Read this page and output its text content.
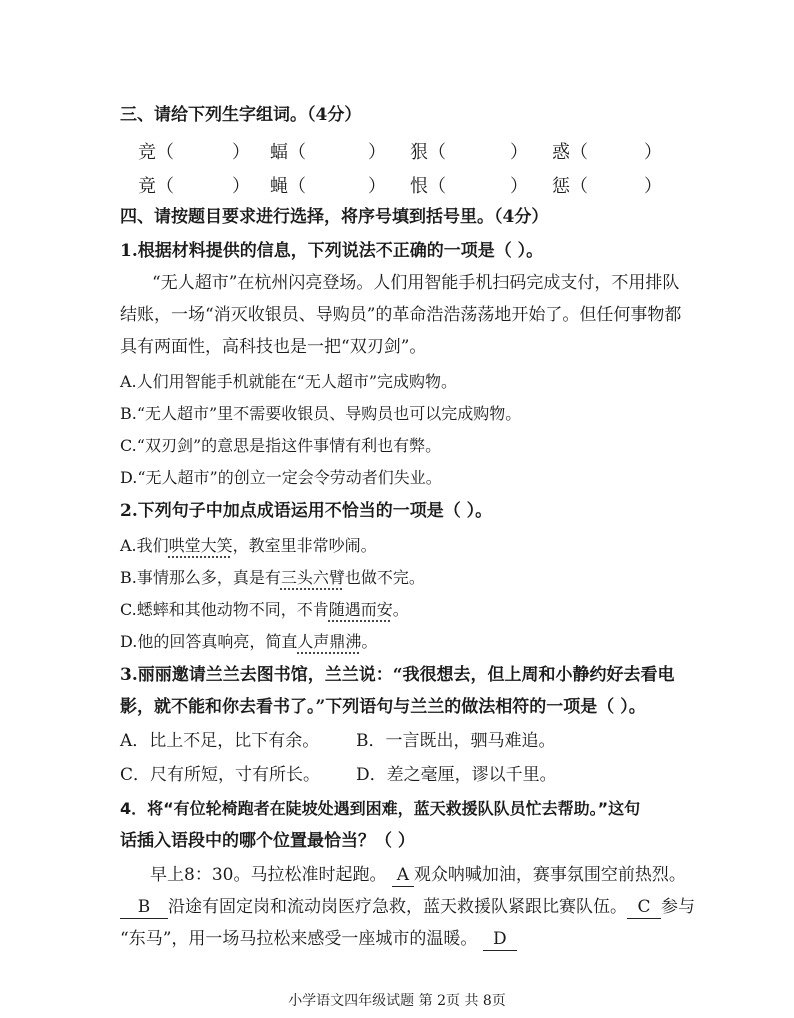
三、请给下列生字组词。（4分）
竞（	） 蝠（	） 狠（	） 惑（	）
竟（	） 蝇（	） 恨（	） 惩（	）
四、请按题目要求进行选择，将序号填到括号里。（4分）
1.根据材料提供的信息，下列说法不正确的一项是（ ）。
“无人超市”在杭州闪亮登场。人们用智能手机扫码完成支付，不用排队
结账，一场“消灭收银员、导购员”的革命浩浩荡荡地开始了。但任何事物都
具有两面性，高科技也是一把“双刃剑”。
A.人们用智能手机就能在“无人超市”完成购物。
B.“无人超市”里不需要收银员、导购员也可以完成购物。
C.“双刃剑”的意思是指这件事情有利也有弊。
D.“无人超市”的创立一定会令劳动者们失业。
2.下列句子中加点成语运用不恰当的一项是（ ）。
A.我们哄堂大笑，教室里非常吵闹。
B.事情那么多，真是有三头六臂也做不完。
C.蟋蟀和其他动物不同，不肯随遇而安。
D.他的回答真响亮，简直人声鼎沸。
3.丽丽邀请兰兰去图书馆，兰兰说：“我很想去，但上周和小静约好去看电
影，就不能和你去看书了。”下列语句与兰兰的做法相符的一项是（ ）。
A．比上不足，比下有余。 B．一言既出，驷马难追。
C．尺有所短，寸有所长。 D．差之毫厘，谬以千里。
4．将“有位轮椅跑者在陡坡处遇到困难，蓝天救援队队员忙去帮助。”这句
话插入语段中的哪个位置最恰当？（ ）
早上8：30。马拉松准时起跑。 A 观众呐喊加油，赛事氛围空前热烈。
B 沿途有固定岗和流动岗医疗急救，蓝天救援队紧跟比赛队伍。 C 参与
“东马”，用一场马拉松来感受一座城市的温暖。 D
小学语文四年级试题 第 2页 共 8页
